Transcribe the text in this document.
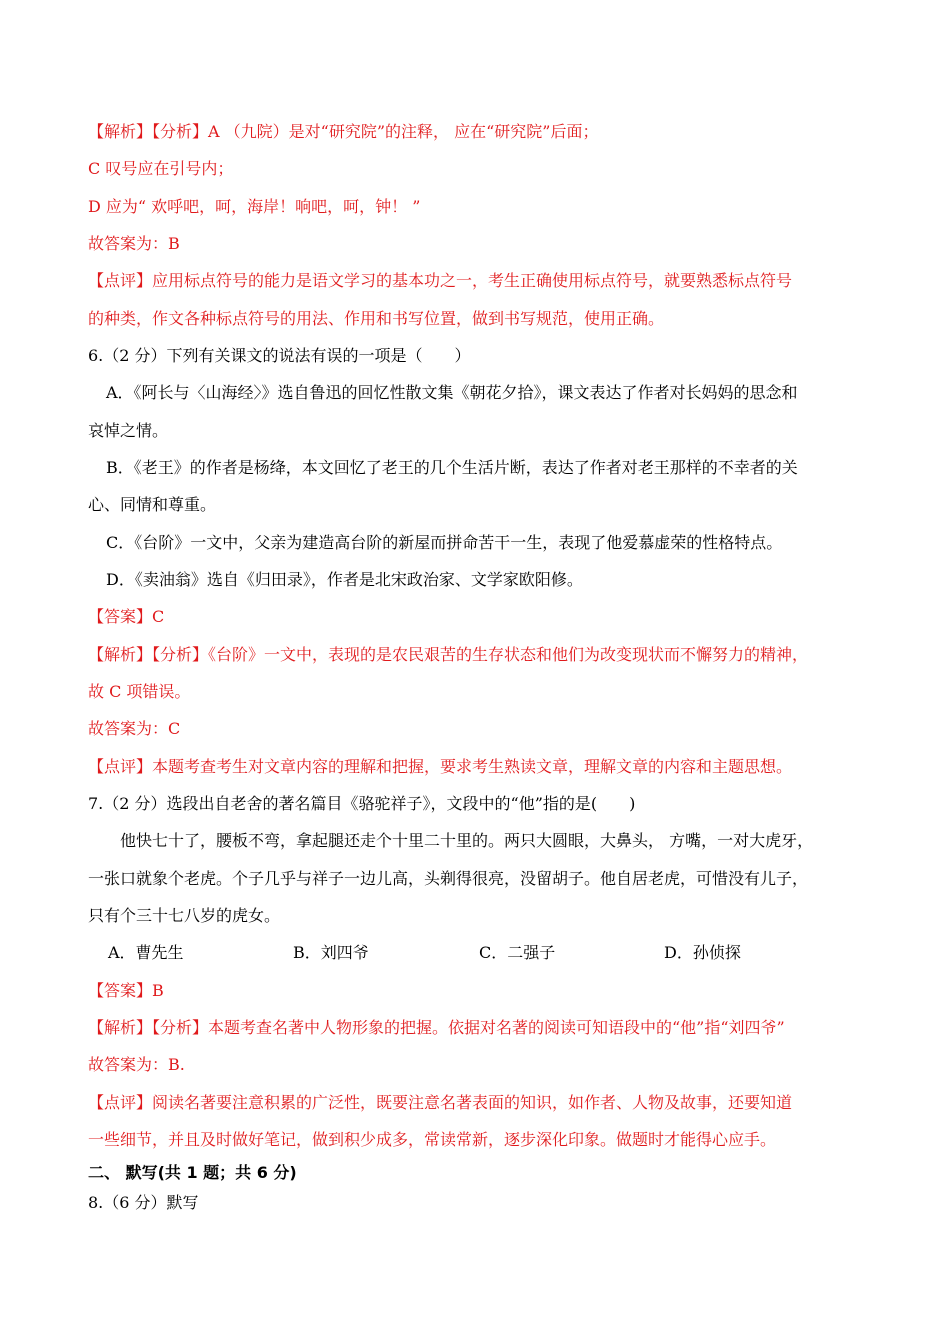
【解析】【分析】A （九院）是对“研究院”的注释， 应在“研究院”后面；
C 叹号应在引号内；
D 应为“ 欢呼吧，呵，海岸！响吧，呵，钟！ ”
故答案为：B
【点评】应用标点符号的能力是语文学习的基本功之一，考生正确使用标点符号，就要熟悉标点符号
的种类，作文各种标点符号的用法、作用和书写位置，做到书写规范，使用正确。
6.（2 分）下列有关课文的说法有误的一项是（　　）
A．《阿长与〈山海经〉》选自鲁迅的回忆性散文集《朝花夕拾》，课文表达了作者对长妈妈的思念和
哀悼之情。
B．《老王》的作者是杨绛，本文回忆了老王的几个生活片断，表达了作者对老王那样的不幸者的关
心、同情和尊重。
C．《台阶》一文中，父亲为建造高台阶的新屋而拼命苦干一生，表现了他爱慕虚荣的性格特点。
D．《卖油翁》选自《归田录》，作者是北宋政治家、文学家欧阳修。
【答案】C
【解析】【分析】《台阶》一文中，表现的是农民艰苦的生存状态和他们为改变现状而不懈努力的精神，
故 C 项错误。
故答案为：C
【点评】本题考查考生对文章内容的理解和把握，要求考生熟读文章，理解文章的内容和主题思想。
7.（2 分）选段出自老舍的著名篇目《骆驼祥子》，文段中的“他”指的是(　　)
他快七十了，腰板不弯，拿起腿还走个十里二十里的。两只大圆眼，大鼻头， 方嘴，一对大虎牙，
一张口就象个老虎。个子几乎与祥子一边儿高，头剃得很亮，没留胡子。他自居老虎，可惜没有儿子，
只有个三十七八岁的虎女。
A．曹先生	B．刘四爷	C．二强子	D．孙侦探
【答案】B
【解析】【分析】本题考查名著中人物形象的把握。依据对名著的阅读可知语段中的“他”指“刘四爷”
故答案为：B.
【点评】阅读名著要注意积累的广泛性，既要注意名著表面的知识，如作者、人物及故事，还要知道
一些细节，并且及时做好笔记，做到积少成多，常读常新，逐步深化印象。做题时才能得心应手。
二、 默写(共 1 题；共 6 分)
8.（6 分）默写
